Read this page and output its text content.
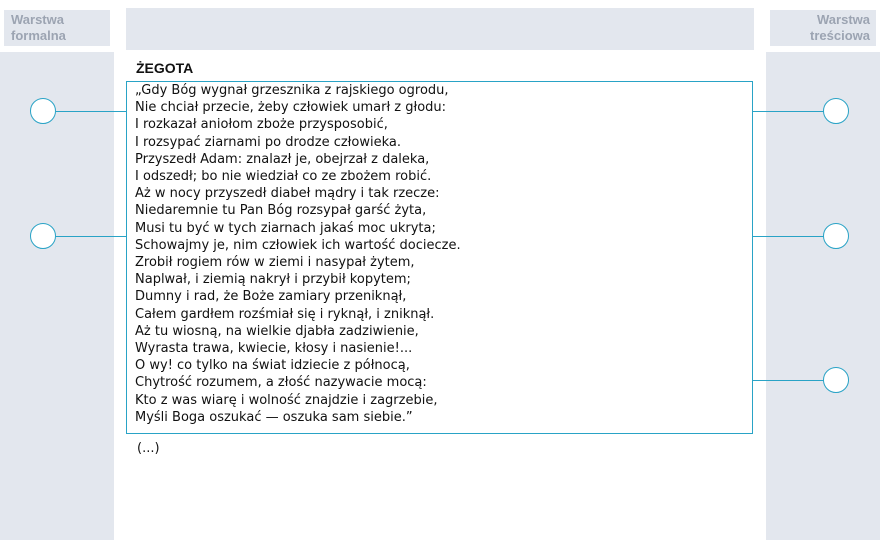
Warstwa
formalna
Warstwa
treściowa
ŻEGOTA
„Gdy Bóg wygnał grzesznika z rajskiego ogrodu,
Nie chciał przecie, żeby człowiek umarł z głodu:
I rozkazał aniołom zboże przysposobić,
I rozsypać ziarnami po drodze człowieka.
Przyszedł Adam: znalazł je, obejrzał z daleka,
I odszedł; bo nie wiedział co ze zbożem robić.
Aż w nocy przyszedł diabeł mądry i tak rzecze:
Niedaremnie tu Pan Bóg rozsypał garść żyta,
Musi tu być w tych ziarnach jakaś moc ukryta;
Schowajmy je, nim człowiek ich wartość docieczе.
Zrobił rogiem rów w ziemi i nasypał żytem,
Naplwał, i ziemią nakrył i przybił kopytem;
Dumny i rad, że Boże zamiary przeniknął,
Całem gardłem rozśmiał się i ryknął, i zniknął.
Aż tu wiosną, na wielkie djabła zadziwienie,
Wyrasta trawa, kwiecie, kłosy i nasienie!...
O wy! co tylko na świat idziecie z północą,
Chytrość rozumem, a złość nazywacie mocą:
Kto z was wiarę i wolność znajdzie i zagrzebie,
Myśli Boga oszukać — oszuka sam siebie.”
(...)
